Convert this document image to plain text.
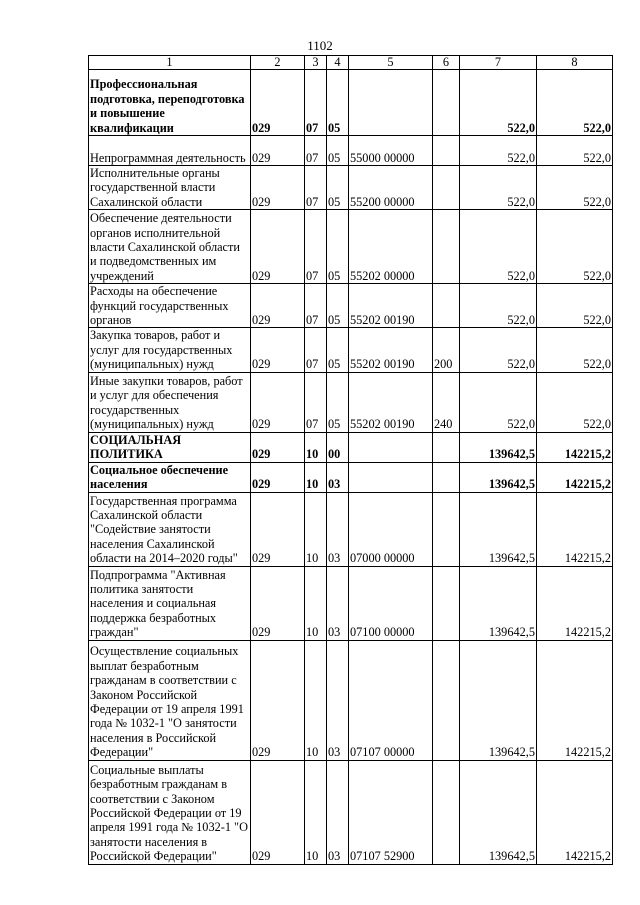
1102
1	2	3	4	5	6	7	8
Профессиональная подготовка, переподготовка и повышение квалификации	029	07	05			522,0	522,0
Непрограммная деятельность	029	07	05	55000 00000		522,0	522,0
Исполнительные органы государственной власти Сахалинской области	029	07	05	55200 00000		522,0	522,0
Обеспечение деятельности органов исполнительной власти Сахалинской области и подведомственных им учреждений	029	07	05	55202 00000		522,0	522,0
Расходы на обеспечение функций государственных органов	029	07	05	55202 00190		522,0	522,0
Закупка товаров, работ и услуг для государственных (муниципальных) нужд	029	07	05	55202 00190	200	522,0	522,0
Иные закупки товаров, работ и услуг для обеспечения государственных (муниципальных) нужд	029	07	05	55202 00190	240	522,0	522,0
СОЦИАЛЬНАЯ ПОЛИТИКА	029	10	00			139642,5	142215,2
Социальное обеспечение населения	029	10	03			139642,5	142215,2
Государственная программа Сахалинской области "Содействие занятости населения Сахалинской области на 2014–2020 годы"	029	10	03	07000 00000		139642,5	142215,2
Подпрограмма "Активная политика занятости населения и социальная поддержка безработных граждан"	029	10	03	07100 00000		139642,5	142215,2
Осуществление социальных выплат безработным гражданам в соответствии с Законом Российской Федерации от 19 апреля 1991 года № 1032-1 "О занятости населения в Российской Федерации"	029	10	03	07107 00000		139642,5	142215,2
Социальные выплаты безработным гражданам в соответствии с Законом Российской Федерации от 19 апреля 1991 года № 1032-1 "О занятости населения в Российской Федерации"	029	10	03	07107 52900		139642,5	142215,2
